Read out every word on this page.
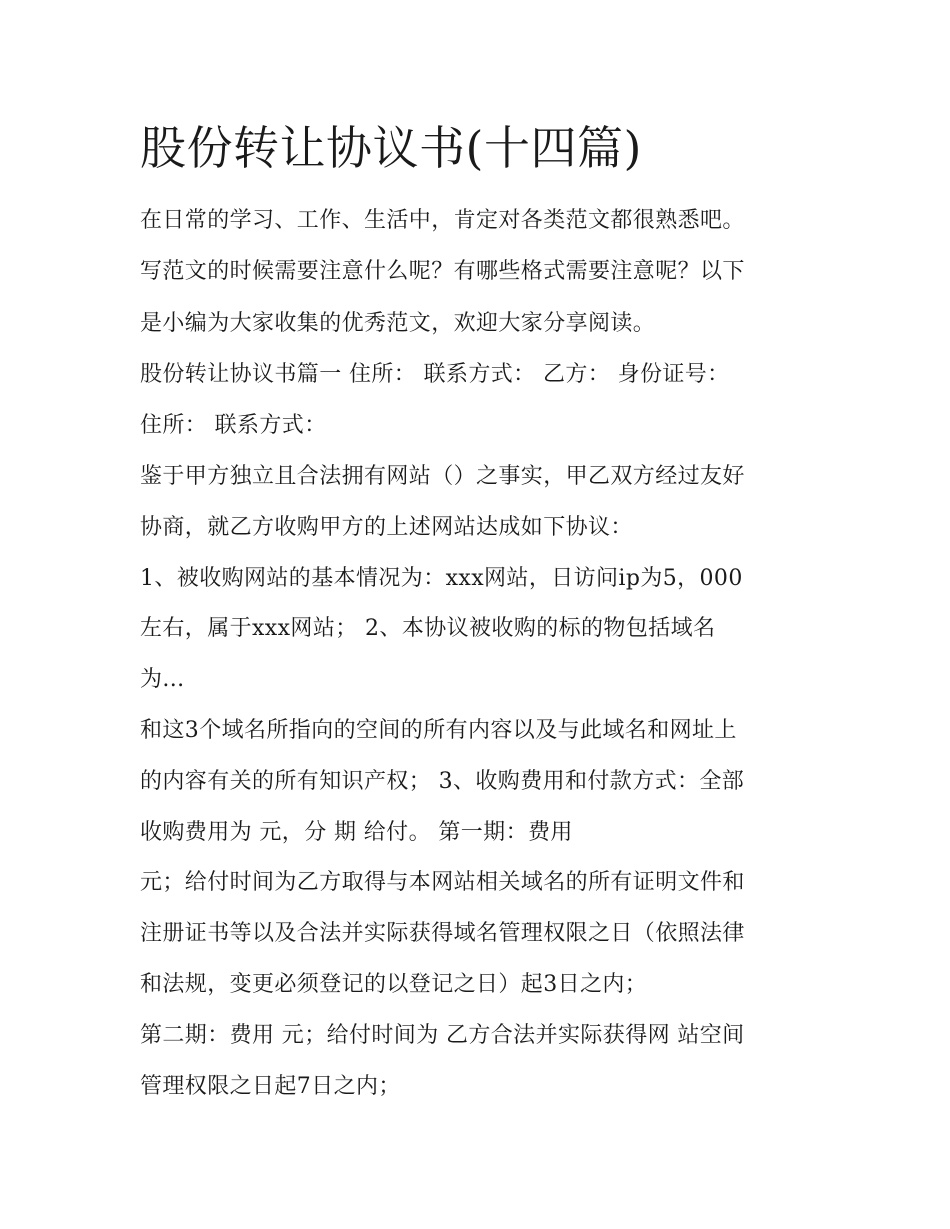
股份转让协议书(十四篇)

在日常的学习、工作、生活中，肯定对各类范文都很熟悉吧。

写范文的时候需要注意什么呢？有哪些格式需要注意呢？以下

是小编为大家收集的优秀范文，欢迎大家分享阅读。

股份转让协议书篇一 住所： 联系方式： 乙方： 身份证号：

住所： 联系方式：

鉴于甲方独立且合法拥有网站（）之事实，甲乙双方经过友好

协商，就乙方收购甲方的上述网站达成如下协议：

1、被收购网站的基本情况为：xxx网站，日访问ip为5，000

左右，属于xxx网站； 2、本协议被收购的标的物包括域名

为...

和这3个域名所指向的空间的所有内容以及与此域名和网址上

的内容有关的所有知识产权； 3、收购费用和付款方式：全部

收购费用为 元，分 期 给付。 第一期：费用

元；给付时间为乙方取得与本网站相关域名的所有证明文件和

注册证书等以及合法并实际获得域名管理权限之日（依照法律

和法规，变更必须登记的以登记之日）起3日之内；

第二期：费用 元；给付时间为 乙方合法并实际获得网 站空间

管理权限之日起7日之内；
